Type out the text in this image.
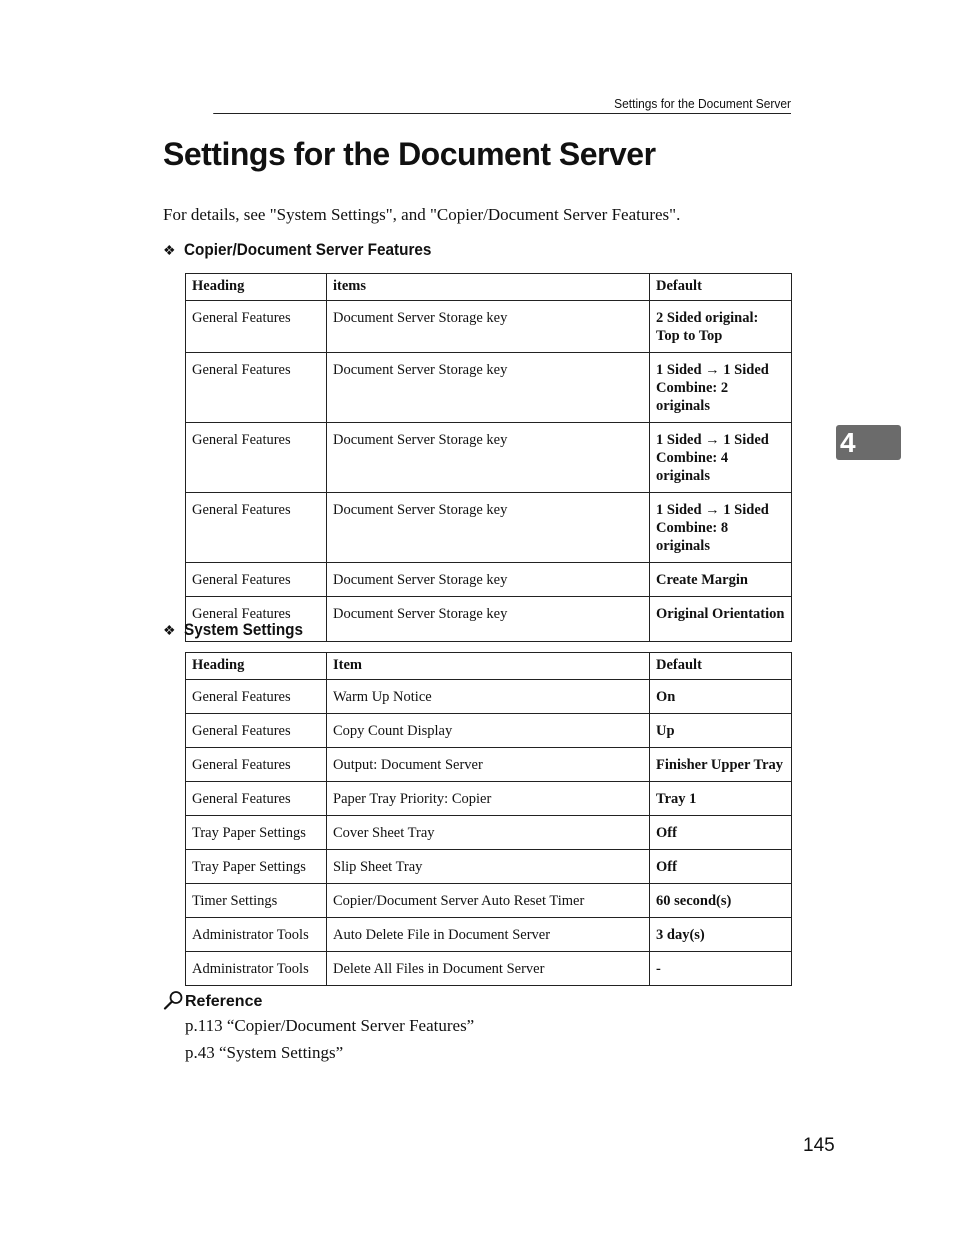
Settings for the Document Server
Settings for the Document Server

For details, see "System Settings", and "Copier/Document Server Features".

❖ Copier/Document Server Features
Heading	items	Default
General Features	Document Server Storage key	2 Sided original: Top to Top
General Features	Document Server Storage key	1 Sided → 1 Sided Combine: 2 originals
General Features	Document Server Storage key	1 Sided → 1 Sided Combine: 4 originals
General Features	Document Server Storage key	1 Sided → 1 Sided Combine: 8 originals
General Features	Document Server Storage key	Create Margin
General Features	Document Server Storage key	Original Orientation
❖ System Settings
Heading	Item	Default
General Features	Warm Up Notice	On
General Features	Copy Count Display	Up
General Features	Output: Document Server	Finisher Upper Tray
General Features	Paper Tray Priority: Copier	Tray 1
Tray Paper Settings	Cover Sheet Tray	Off
Tray Paper Settings	Slip Sheet Tray	Off
Timer Settings	Copier/Document Server Auto Reset Timer	60 second(s)
Administrator Tools	Auto Delete File in Document Server	3 day(s)
Administrator Tools	Delete All Files in Document Server	-

Reference

p.113 “Copier/Document Server Features”

p.43 “System Settings”

4

145
